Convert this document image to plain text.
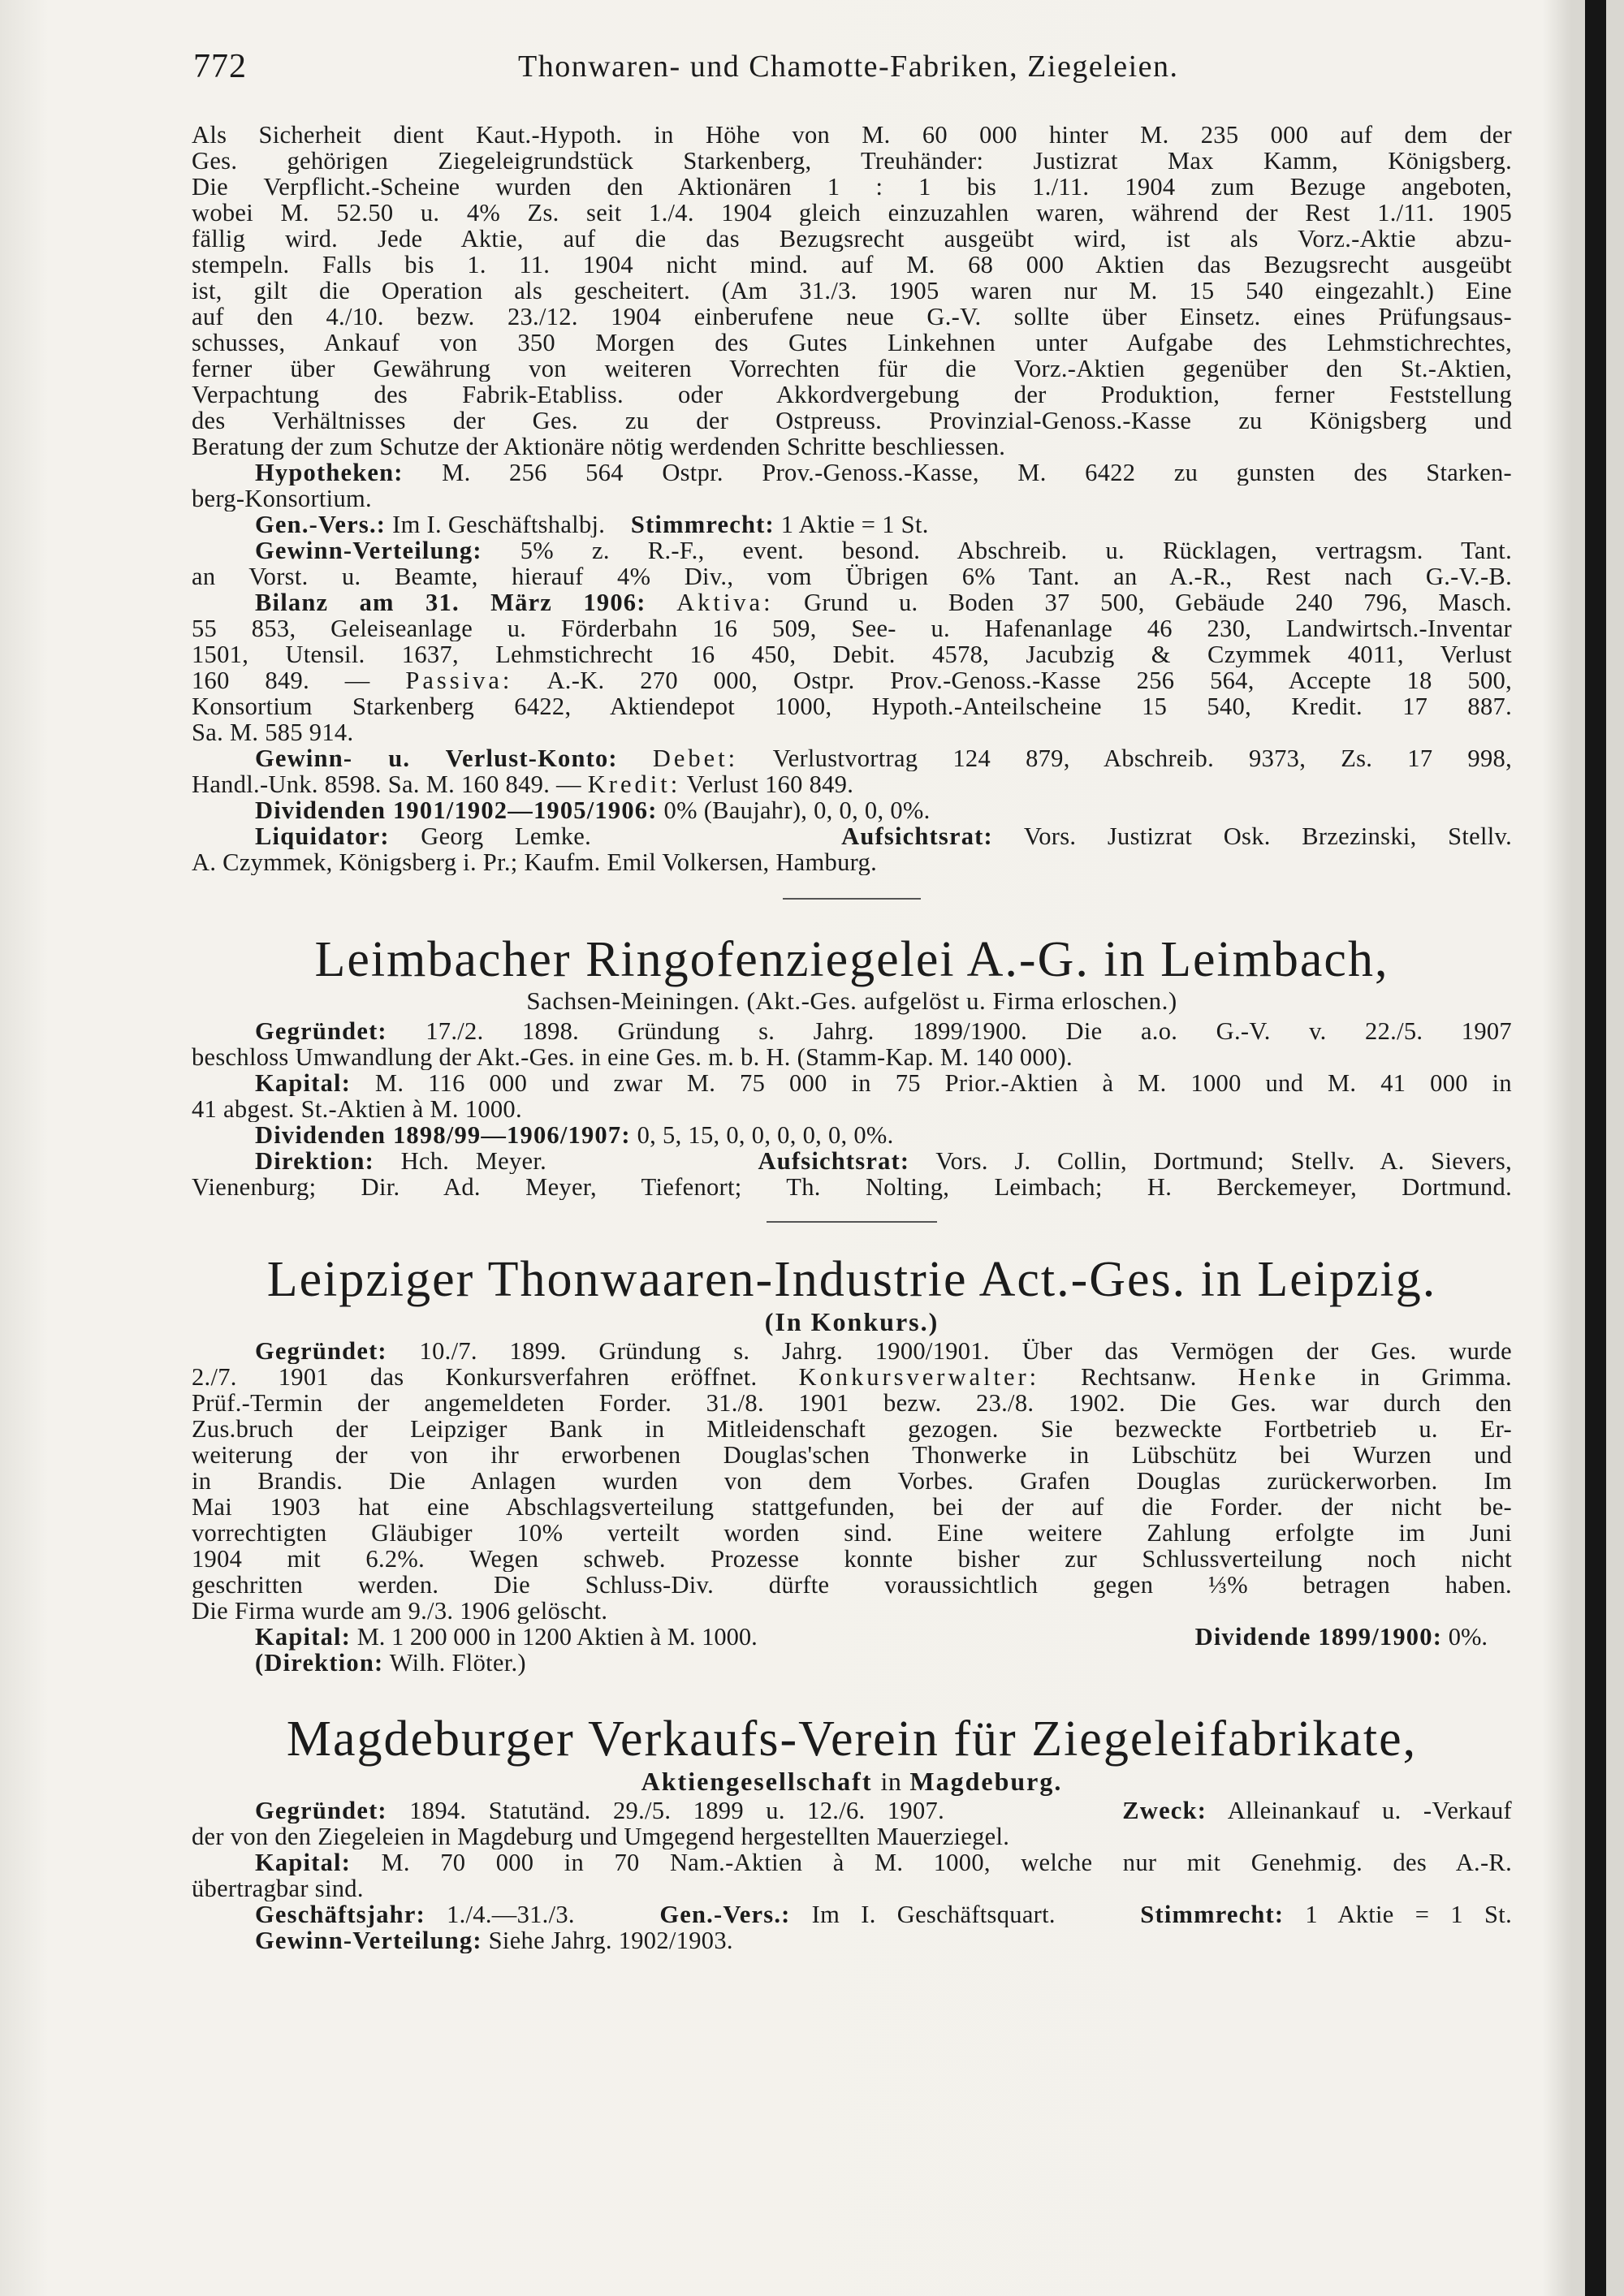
772	Thonwaren- und Chamotte-Fabriken, Ziegeleien.

Als Sicherheit dient Kaut.-Hypoth. in Höhe von M. 60 000 hinter M. 235 000 auf dem der

Ges. gehörigen Ziegeleigrundstück Starkenberg, Treuhänder: Justizrat Max Kamm, Königsberg.

Die Verpflicht.-Scheine wurden den Aktionären 1 : 1 bis 1./11. 1904 zum Bezuge angeboten,

wobei M. 52.50 u. 4% Zs. seit 1./4. 1904 gleich einzuzahlen waren, während der Rest 1./11. 1905

fällig wird. Jede Aktie, auf die das Bezugsrecht ausgeübt wird, ist als Vorz.-Aktie abzu-

stempeln. Falls bis 1. 11. 1904 nicht mind. auf M. 68 000 Aktien das Bezugsrecht ausgeübt

ist, gilt die Operation als gescheitert. (Am 31./3. 1905 waren nur M. 15 540 eingezahlt.) Eine

auf den 4./10. bezw. 23./12. 1904 einberufene neue G.-V. sollte über Einsetz. eines Prüfungsaus-

schusses, Ankauf von 350 Morgen des Gutes Linkehnen unter Aufgabe des Lehmstichrechtes,

ferner über Gewährung von weiteren Vorrechten für die Vorz.-Aktien gegenüber den St.-Aktien,

Verpachtung des Fabrik-Etabliss. oder Akkordvergebung der Produktion, ferner Feststellung

des Verhältnisses der Ges. zu der Ostpreuss. Provinzial-Genoss.-Kasse zu Königsberg und

Beratung der zum Schutze der Aktionäre nötig werdenden Schritte beschliessen.

Hypotheken: M. 256 564 Ostpr. Prov.-Genoss.-Kasse, M. 6422 zu gunsten des Starken-

berg-Konsortium.

Gen.-Vers.: Im I. Geschäftshalbj. Stimmrecht: 1 Aktie = 1 St.

Gewinn-Verteilung: 5% z. R.-F., event. besond. Abschreib. u. Rücklagen, vertragsm. Tant.

an Vorst. u. Beamte, hierauf 4% Div., vom Übrigen 6% Tant. an A.-R., Rest nach G.-V.-B.

Bilanz am 31. März 1906: Aktiva: Grund u. Boden 37 500, Gebäude 240 796, Masch.

55 853, Geleiseanlage u. Förderbahn 16 509, See- u. Hafenanlage 46 230, Landwirtsch.-Inventar

1501, Utensil. 1637, Lehmstichrecht 16 450, Debit. 4578, Jacubzig & Czymmek 4011, Verlust

160 849. — Passiva: A.-K. 270 000, Ostpr. Prov.-Genoss.-Kasse 256 564, Accepte 18 500,

Konsortium Starkenberg 6422, Aktiendepot 1000, Hypoth.-Anteilscheine 15 540, Kredit. 17 887.

Sa. M. 585 914.

Gewinn- u. Verlust-Konto: Debet: Verlustvortrag 124 879, Abschreib. 9373, Zs. 17 998,

Handl.-Unk. 8598. Sa. M. 160 849. — Kredit: Verlust 160 849.

Dividenden 1901/1902—1905/1906: 0% (Baujahr), 0, 0, 0, 0%.

Liquidator: Georg Lemke.	Aufsichtsrat: Vors. Justizrat Osk. Brzezinski, Stellv.

A. Czymmek, Königsberg i. Pr.; Kaufm. Emil Volkersen, Hamburg.

Leimbacher Ringofenziegelei A.-G. in Leimbach,
Sachsen-Meiningen. (Akt.-Ges. aufgelöst u. Firma erloschen.)

Gegründet: 17./2. 1898. Gründung s. Jahrg. 1899/1900. Die a.o. G.-V. v. 22./5. 1907

beschloss Umwandlung der Akt.-Ges. in eine Ges. m. b. H. (Stamm-Kap. M. 140 000).

Kapital: M. 116 000 und zwar M. 75 000 in 75 Prior.-Aktien à M. 1000 und M. 41 000 in

41 abgest. St.-Aktien à M. 1000.

Dividenden 1898/99—1906/1907: 0, 5, 15, 0, 0, 0, 0, 0, 0%.

Direktion: Hch. Meyer.	Aufsichtsrat: Vors. J. Collin, Dortmund; Stellv. A. Sievers,

Vienenburg; Dir. Ad. Meyer, Tiefenort; Th. Nolting, Leimbach; H. Berckemeyer, Dortmund.

Leipziger Thonwaaren-Industrie Act.-Ges. in Leipzig.
(In Konkurs.)

Gegründet: 10./7. 1899. Gründung s. Jahrg. 1900/1901. Über das Vermögen der Ges. wurde

2./7. 1901 das Konkursverfahren eröffnet. Konkursverwalter: Rechtsanw. Henke in Grimma.

Prüf.-Termin der angemeldeten Forder. 31./8. 1901 bezw. 23./8. 1902. Die Ges. war durch den

Zus.bruch der Leipziger Bank in Mitleidenschaft gezogen. Sie bezweckte Fortbetrieb u. Er-

weiterung der von ihr erworbenen Douglas'schen Thonwerke in Lübschütz bei Wurzen und

in Brandis. Die Anlagen wurden von dem Vorbes. Grafen Douglas zurückerworben. Im

Mai 1903 hat eine Abschlagsverteilung stattgefunden, bei der auf die Forder. der nicht be-

vorrechtigten Gläubiger 10% verteilt worden sind. Eine weitere Zahlung erfolgte im Juni

1904 mit 6.2%. Wegen schweb. Prozesse konnte bisher zur Schlussverteilung noch nicht

geschritten werden. Die Schluss-Div. dürfte voraussichtlich gegen ⅓% betragen haben.

Die Firma wurde am 9./3. 1906 gelöscht.

Kapital: M. 1 200 000 in 1200 Aktien à M. 1000.	Dividende 1899/1900: 0%.

(Direktion: Wilh. Flöter.)

Magdeburger Verkaufs-Verein für Ziegeleifabrikate,
Aktiengesellschaft in Magdeburg.

Gegründet: 1894. Statutänd. 29./5. 1899 u. 12./6. 1907.	Zweck: Alleinankauf u. -Verkauf

der von den Ziegeleien in Magdeburg und Umgegend hergestellten Mauerziegel.

Kapital: M. 70 000 in 70 Nam.-Aktien à M. 1000, welche nur mit Genehmig. des A.-R.

übertragbar sind.

Geschäftsjahr: 1./4.—31./3.	Gen.-Vers.: Im I. Geschäftsquart.	Stimmrecht: 1 Aktie = 1 St.

Gewinn-Verteilung: Siehe Jahrg. 1902/1903.
